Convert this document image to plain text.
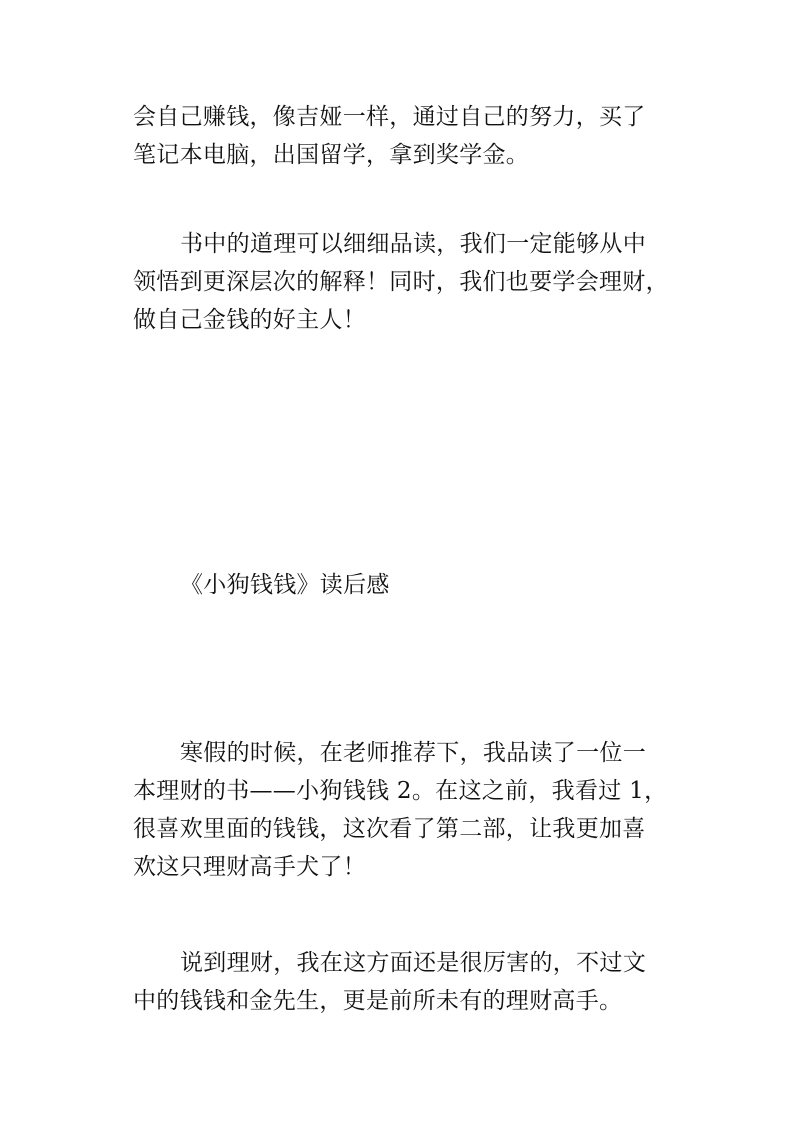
会自己赚钱，像吉娅一样，通过自己的努力，买了
笔记本电脑，出国留学，拿到奖学金。

书中的道理可以细细品读，我们一定能够从中
领悟到更深层次的解释！同时，我们也要学会理财，
做自己金钱的好主人！

《小狗钱钱》读后感

寒假的时候，在老师推荐下，我品读了一位一
本理财的书——小狗钱钱 2。在这之前，我看过 1，
很喜欢里面的钱钱，这次看了第二部，让我更加喜
欢这只理财高手犬了！

说到理财，我在这方面还是很厉害的，不过文
中的钱钱和金先生，更是前所未有的理财高手。
